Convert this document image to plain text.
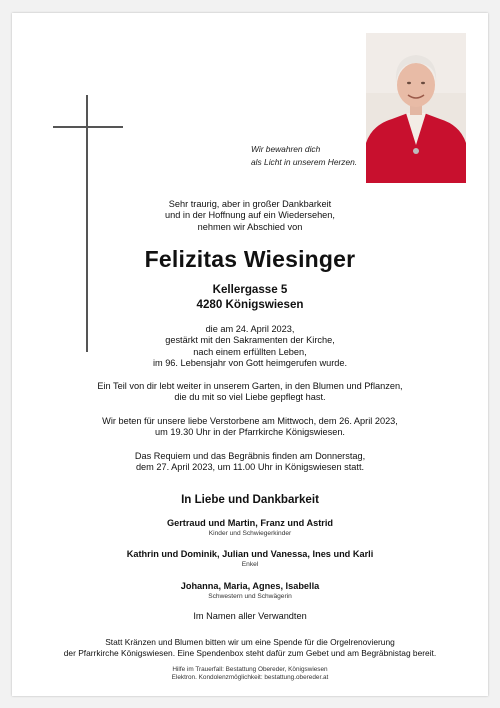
Wir bewahren dich
als Licht in unserem Herzen.
Sehr traurig, aber in großer Dankbarkeit
und in der Hoffnung auf ein Wiedersehen,
nehmen wir Abschied von
Felizitas Wiesinger
Kellergasse 5
4280 Königswiesen
die am 24. April 2023,
gestärkt mit den Sakramenten der Kirche,
nach einem erfüllten Leben,
im 96. Lebensjahr von Gott heimgerufen wurde.
Ein Teil von dir lebt weiter in unserem Garten, in den Blumen und Pflanzen,
die du mit so viel Liebe gepflegt hast.
Wir beten für unsere liebe Verstorbene am Mittwoch, dem 26. April 2023,
um 19.30 Uhr in der Pfarrkirche Königswiesen.
Das Requiem und das Begräbnis finden am Donnerstag,
dem 27. April 2023, um 11.00 Uhr in Königswiesen statt.
In Liebe und Dankbarkeit
Gertraud und Martin, Franz und Astrid
Kinder und Schwiegerkinder
Kathrin und Dominik, Julian und Vanessa, Ines und Karli
Enkel
Johanna, Maria, Agnes, Isabella
Schwestern und Schwägerin
Im Namen aller Verwandten
Statt Kränzen und Blumen bitten wir um eine Spende für die Orgelrenovierung
der Pfarrkirche Königswiesen. Eine Spendenbox steht dafür zum Gebet und am Begräbnistag bereit.
Hilfe im Trauerfall: Bestattung Obereder, Königswiesen
Elektron. Kondolenzmöglichkeit: bestattung.obereder.at
